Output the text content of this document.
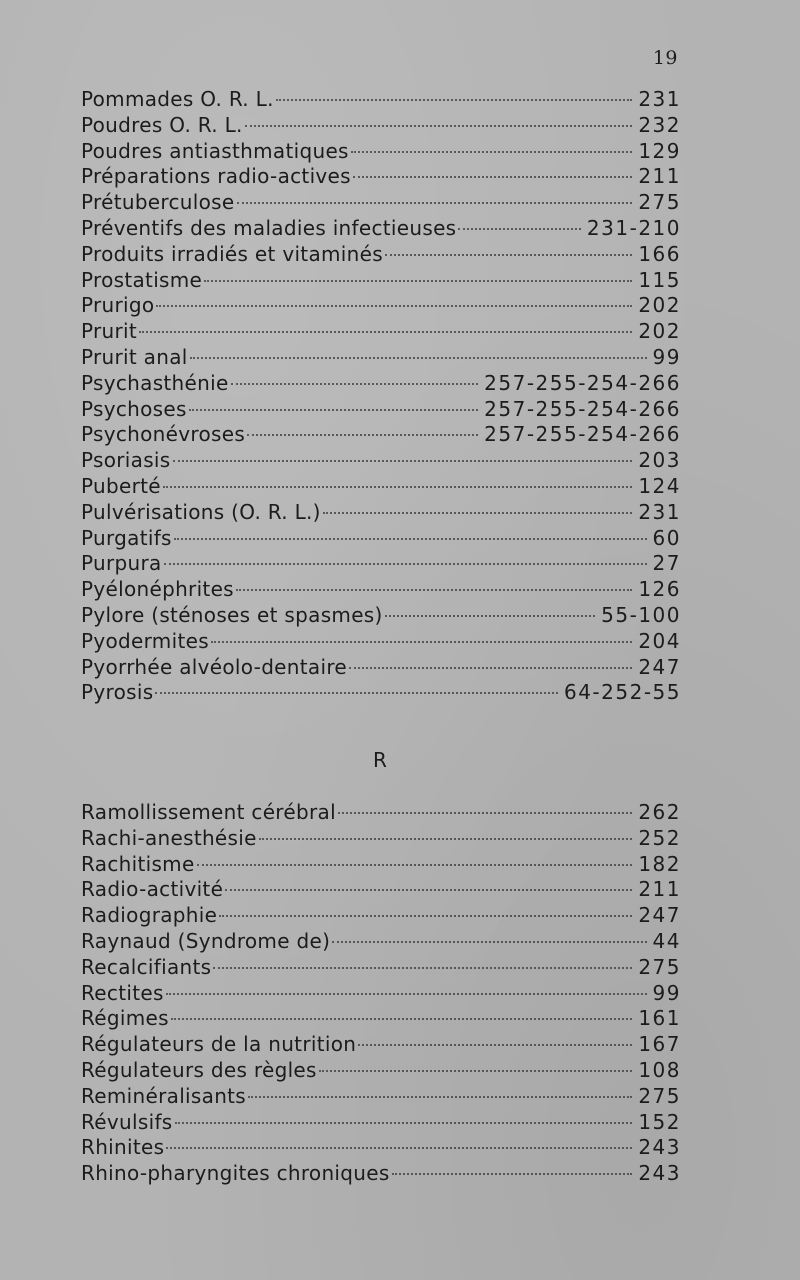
19
Pommades O. R. L.	231
Poudres O. R. L.	232
Poudres antiasthmatiques	129
Préparations radio-actives	211
Prétuberculose	275
Préventifs des maladies infectieuses	231-210
Produits irradiés et vitaminés	166
Prostatisme	115
Prurigo	202
Prurit	202
Prurit anal	99
Psychasthénie	257-255-254-266
Psychoses	257-255-254-266
Psychonévroses	257-255-254-266
Psoriasis	203
Puberté	124
Pulvérisations (O. R. L.)	231
Purgatifs	60
Purpura	27
Pyélonéphrites	126
Pylore (sténoses et spasmes)	55-100
Pyodermites	204
Pyorrhée alvéolo-dentaire	247
Pyrosis	64-252-55
R
Ramollissement cérébral	262
Rachi-anesthésie	252
Rachitisme	182
Radio-activité	211
Radiographie	247
Raynaud (Syndrome de)	44
Recalcifiants	275
Rectites	99
Régimes	161
Régulateurs de la nutrition	167
Régulateurs des règles	108
Reminéralisants	275
Révulsifs	152
Rhinites	243
Rhino-pharyngites chroniques	243
